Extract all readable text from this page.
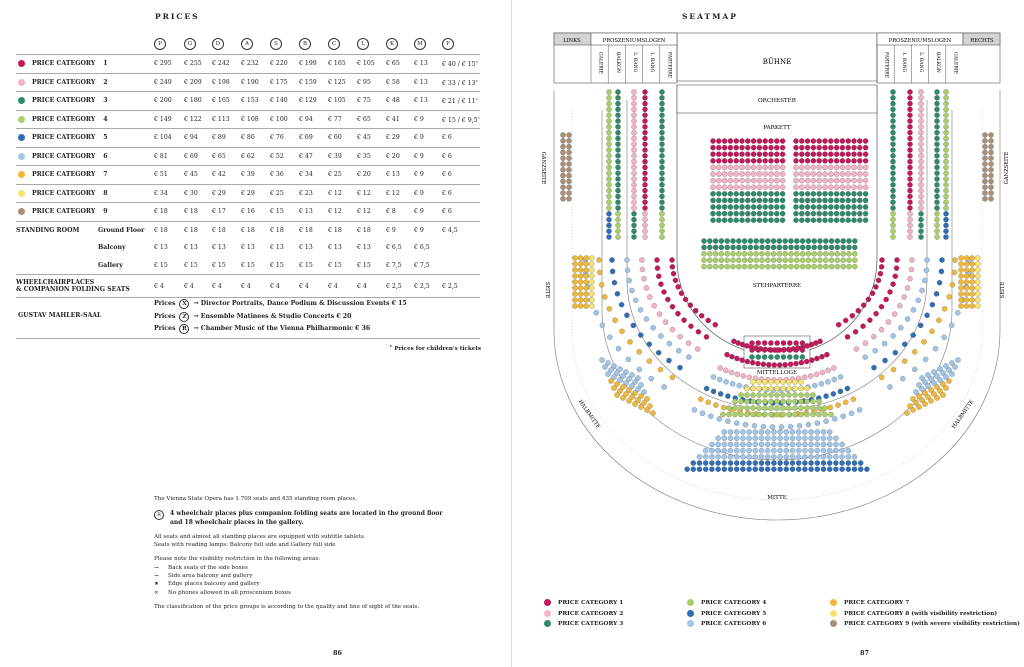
PRICES
	P	G	D	A	S	B	C	L	K	M	F
PRICE CATEGORY 1	€ 295	€ 255	€ 242	€ 232	€ 220	€ 199	€ 165	€ 105	€ 65	€ 13	€ 40 / € 15$^c$
PRICE CATEGORY 2	€ 249	€ 209	€ 198	€ 190	€ 175	€ 159	€ 125	€ 95	€ 58	€ 13	€ 33 / € 13$^c$
PRICE CATEGORY 3	€ 200	€ 180	€ 165	€ 153	€ 140	€ 129	€ 105	€ 75	€ 48	€ 13	€ 21 / € 11$^c$
PRICE CATEGORY 4	€ 149	€ 122	€ 113	€ 108	€ 100	€ 94	€ 77	€ 65	€ 41	€ 9	€ 15 / € 9,5$^c$
PRICE CATEGORY 5	€ 104	€ 94	€ 89	€ 86	€ 76	€ 69	€ 60	€ 45	€ 29	€ 9	€ 6
PRICE CATEGORY 6	€ 81	€ 69	€ 65	€ 62	€ 52	€ 47	€ 39	€ 35	€ 20	€ 9	€ 6
PRICE CATEGORY 7	€ 51	€ 45	€ 42	€ 39	€ 36	€ 34	€ 25	€ 20	€ 13	€ 9	€ 6
PRICE CATEGORY 8	€ 34	€ 30	€ 29	€ 29	€ 25	€ 23	€ 12	€ 12	€ 12	€ 9	€ 6
PRICE CATEGORY 9	€ 18	€ 18	€ 17	€ 16	€ 15	€ 13	€ 12	€ 12	€ 8	€ 9	€ 6
STANDING ROOM Ground Floor	€ 18	€ 18	€ 18	€ 18	€ 18	€ 18	€ 18	€ 18	€ 9	€ 9	€ 4,5

Balcony	€ 13	€ 13	€ 13	€ 13	€ 13	€ 13	€ 13	€ 13	€ 6,5	€ 6,5	

Gallery	€ 15	€ 15	€ 15	€ 15	€ 15	€ 15	€ 15	€ 15	€ 7,5	€ 7,5	

WHEELCHAIRPLACES
& COMPANION FOLDING SEATS	€ 4	€ 4	€ 4	€ 4	€ 4	€ 4	€ 4	€ 4	€ 2,5	€ 2,5	€ 2,5
GUSTAV MAHLER-SAAL
Prices X → Director Portraits, Dance Podium & Discussion Events € 15
Prices Z → Ensemble Matinees & Studio Concerts € 20
Prices R → Chamber Music of the Vienna Philharmonic € 36
$^c$ Prices for children's tickets
The Vienna State Opera has 1.709 seats and 435 standing room places.
R	4 wheelchair places plus companion folding seats are located in the ground floor
and 18 wheelchair places in the gallery.
All seats and almost all standing places are equipped with subtitle tablets.
Seats with reading lamps: Balcony full side and Gallery full side
Please note the visibility restriction in the following areas:
→ Back seats of the side boxes
→ Side area balcony and gallery
★ Edge places balcony and gallery
× No phones allowed in all proscenium boxes
The classification of the price groups is according to the quality and line of sight of the seats.
86
SEATMAP
BÜHNE
LINKS	PROSZENIUMSLOGEN
GALERIE	BALKON	2. RANG	1. RANG	PARTERRE
PROSZENIUMSLOGEN	RECHTS
PARTERRE	1. RANG	2. RANG	BALKON	GALERIE
ORCHESTER
PARKETT
STEHPARTERRE
MITTELLOGE
MITTE
GANZSEITE	GANZSEITE
SEITE	SEITE
HALBMITTE	HALBMITTE
PRICE CATEGORY 1
PRICE CATEGORY 2
PRICE CATEGORY 3
PRICE CATEGORY 4
PRICE CATEGORY 5
PRICE CATEGORY 6
PRICE CATEGORY 7
PRICE CATEGORY 8 (with visibility restriction)
PRICE CATEGORY 9 (with severe visibility restriction)
87
